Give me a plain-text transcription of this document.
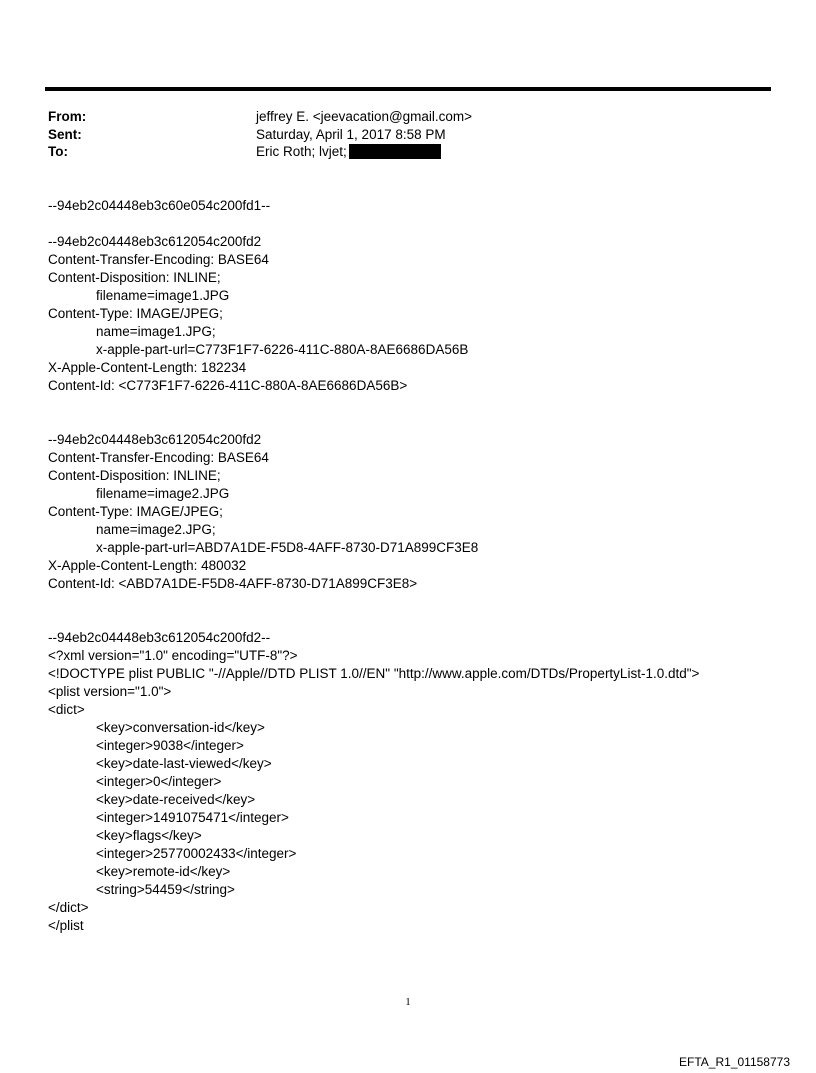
From:	jeffrey E. <jeevacation@gmail.com>
Sent:	Saturday, April 1, 2017 8:58 PM
To:	Eric Roth; lvjet;
--94eb2c04448eb3c60e054c200fd1--
--94eb2c04448eb3c612054c200fd2
Content-Transfer-Encoding: BASE64
Content-Disposition: INLINE;
filename=image1.JPG
Content-Type: IMAGE/JPEG;
name=image1.JPG;
x-apple-part-url=C773F1F7-6226-411C-880A-8AE6686DA56B
X-Apple-Content-Length: 182234
Content-Id: <C773F1F7-6226-411C-880A-8AE6686DA56B>
--94eb2c04448eb3c612054c200fd2
Content-Transfer-Encoding: BASE64
Content-Disposition: INLINE;
filename=image2.JPG
Content-Type: IMAGE/JPEG;
name=image2.JPG;
x-apple-part-url=ABD7A1DE-F5D8-4AFF-8730-D71A899CF3E8
X-Apple-Content-Length: 480032
Content-Id: <ABD7A1DE-F5D8-4AFF-8730-D71A899CF3E8>
--94eb2c04448eb3c612054c200fd2--
<?xml version="1.0" encoding="UTF-8"?>
<!DOCTYPE plist PUBLIC "-//Apple//DTD PLIST 1.0//EN" "http://www.apple.com/DTDs/PropertyList-1.0.dtd">
<plist version="1.0">
<dict>
<key>conversation-id</key>
<integer>9038</integer>
<key>date-last-viewed</key>
<integer>0</integer>
<key>date-received</key>
<integer>1491075471</integer>
<key>flags</key>
<integer>25770002433</integer>
<key>remote-id</key>
<string>54459</string>
</dict>
</plist
1
EFTA_R1_01158773
